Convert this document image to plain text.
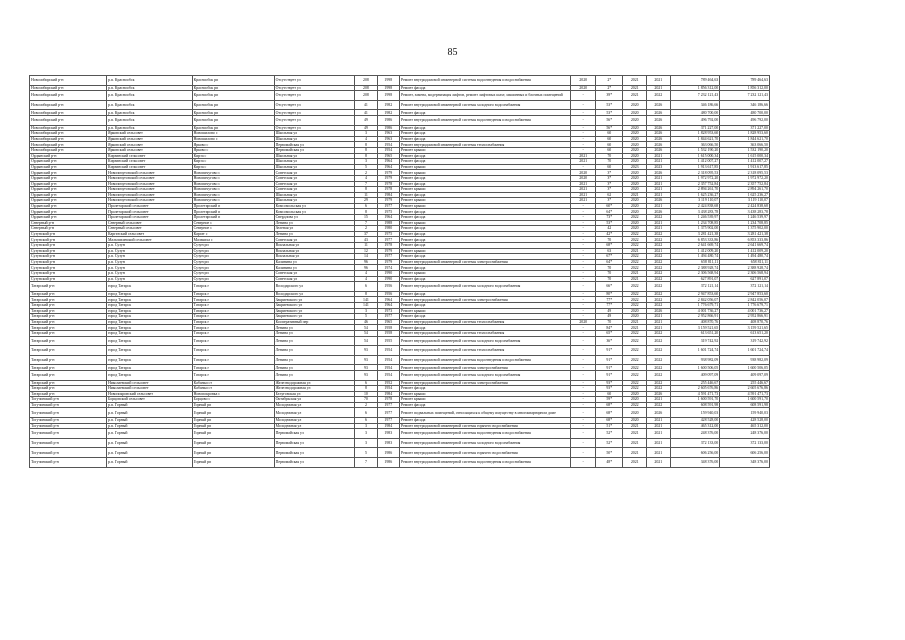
85
Новосибирский р-н	р.п. Краснообск	Краснообск рп	Отсутствует ул	208	1998	Ремонт внутридомовой инженерной системы водоотведения и водоснабжения	2020	2*	2021	2021	789 464,63	789 464,63
Новосибирский р-н	р.п. Краснообск	Краснообск рп	Отсутствует ул	208	1998	Ремонт фасада	2020	2*	2021	2021	1 856 312,00	1 856 312,00
Новосибирский р-н	р.п. Краснообск	Краснообск рп	Отсутствует ул	208	1998	Ремонт, замена, модернизация лифтов, ремонт лифтовых шахт, машинных и блочных помещений	-	39*	2021	2022	7 232 121,43	7 232 121,43
Новосибирский р-н	р.п. Краснообск	Краснообск рп	Отсутствует ул	41	1982	Ремонт внутридомовой инженерной системы холодного водоснабжения	-	53*	2020	2026	346 186,66	346 186,66
Новосибирский р-н	р.п. Краснообск	Краснообск рп	Отсутствует ул	41	1982	Ремонт фасада	-	53*	2020	2026	480 700,00	480 700,00
Новосибирский р-н	р.п. Краснообск	Краснообск рп	Отсутствует ул	49	1986	Ремонт внутридомовой инженерной системы водоотведения и водоснабжения	-	56*	2020	2026	496 792,00	496 792,00
Новосибирский р-н	р.п. Краснообск	Краснообск рп	Отсутствует ул	49	1986	Ремонт фасада	-	56*	2020	2026	371 227,00	371 227,00
Новосибирский р-н	Ярковский сельсовет	Новошилово с	Школьная ул	3	1963	Ремонт фасада	-	60	2020	2026	1 828 953,60	1 828 953,60
Новосибирский р-н	Ярковский сельсовет	Новошилово с	Школьная ул	4	1963	Ремонт фасада	-	60	2020	2026	1 844 621,70	1 844 621,70
Новосибирский р-н	Ярковский сельсовет	Ярково с	Первомайская ул	8	1954	Ремонт внутридомовой инженерной системы теплоснабжения	-	60	2020	2026	363 066,50	363 066,50
Новосибирский р-н	Ярковский сельсовет	Ярково с	Первомайская ул	8	1954	Ремонт крыши	-	60	2020	2026	1 532 190,20	1 532 190,20
Ордынский р-н	Кирзинский сельсовет	Кирза с	Школьная ул	8	1965	Ремонт фасада	2021	70	2020	2021	1 615 000,34	1 615 000,34
Ордынский р-н	Кирзинский сельсовет	Кирза с	Школьная ул	3	1964	Ремонт фасада	2021	70	2020	2021	1 412 007,27	1 412 007,27
Ордынский р-н	Кирзинский сельсовет	Кирза с	Школьная ул	5	1964	Ремонт крыши	-	60	2023	2023	1 913 617,85	1 913 617,85
Ордынский р-н	Новопичуговский сельсовет	Новопичугово с	Советская ул	2	1979	Ремонт крыши	2020	3*	2020	2026	2 318 095,53	2 318 095,53
Ордынский р-н	Новопичуговский сельсовет	Новопичугово с	Советская ул	4	1979	Ремонт фасада	2020	3*	2020	2021	1 972 972,20	1 972 972,20
Ордынский р-н	Новопичуговский сельсовет	Новопичугово с	Советская ул	7	1978	Ремонт фасада	2021	3*	2020	2021	2 357 752,84	2 357 752,84
Ордынский р-н	Новопичуговский сельсовет	Новопичугово с	Советская ул	8	1978	Ремонт крыши	2021	3*	2020	2021	2 894 261,70	2 894 261,70
Ордынский р-н	Новопичуговский сельсовет	Новопичугово с	Школьная ул	11	1984	Ремонт фасада	2021	62	2021	2021	1 625 236,27	1 625 236,27
Ордынский р-н	Новопичуговский сельсовет	Новопичугово с	Школьная ул	29	1979	Ремонт крыши	2021	3*	2020	2026	3 119 110,07	3 119 110,07
Ордынский р-н	Пролетарский сельсовет	Пролетарский п	Комсомольская ул	6	1977	Ремонт крыши	-	60*	2020	2021	2 424 838,68	2 424 838,68
Ордынский р-н	Пролетарский сельсовет	Пролетарский п	Комсомольская ул	8	1975	Ремонт фасада	-	64*	2020	2026	3 438 283,78	3 438 283,78
Ордынский р-н	Пролетарский сельсовет	Пролетарский п	Свердлова ул	15	1964	Ремонт фасада	-	73*	2022	2022	1 246 539,97	1 246 539,97
Северный р-н	Северный сельсовет	Северное с	Ленина ул	7	1988	Ремонт крыши	-	53*	2020	2021	1 234 708,85	1 234 708,85
Северный р-н	Северный сельсовет	Северное с	Зеленая ул	2	1980	Ремонт фасада	-	42	2020	2021	1 375 902,00	1 375 902,00
Сузунский р-н	Каргатский сельсовет	Каргат с	Ленина ул	37	1975	Ремонт фасада	-	42*	2022	2022	3 281 421,38	3 281 421,38
Сузунский р-н	Мальчихинский сельсовет	Мальчиха с	Советская ул	43	1977	Ремонт фасада	-	70	2022	2022	6 853 333,86	6 853 333,86
Сузунский р-н	р.п. Сузун	Сузун рп	Вокзальная ул	11	1978	Ремонт фасада	-	68*	2022	2022	2 641 669,74	2 641 669,74
Сузунский р-н	р.п. Сузун	Сузун рп	Вокзальная ул	12	1979	Ремонт крыши	-	63	2021	2021	1 412 009,20	1 412 009,20
Сузунский р-н	р.п. Сузун	Сузун рп	Вокзальная ул	14	1977	Ремонт фасада	-	67*	2022	2022	1 494 480,74	1 494 480,74
Сузунский р-н	р.п. Сузун	Сузун рп	Калинина ул	96	1979	Ремонт внутридомовой инженерной системы электроснабжения	-	64*	2022	2022	658 811,11	658 811,11
Сузунский р-н	р.п. Сузун	Сузун рп	Калинина ул	96	1974	Ремонт фасада	-	70	2022	2022	2 388 928,74	2 388 928,74
Сузунский р-н	р.п. Сузун	Сузун рп	Советская ул	4	1990	Ремонт крыши	-	70	2021	2022	2 306 568,94	2 306 568,94
Сузунский р-н	р.п. Сузун	Сузун рп	Советская ул	4	1990	Ремонт фасада	-	70	2021	2022	627 891,07	627 891,07
Татарский р-н	город Татарск	Татарск г	Володарского ул	6	1956	Ремонт внутридомовой инженерной системы холодного водоснабжения	-	66*	2022	2022	372 121,14	372 121,14
Татарский р-н	город Татарск	Татарск г	Володарского ул	8	1956	Ремонт фасада	-	80*	2022	2022	2 947 853,60	2 947 853,60
Татарский р-н	город Татарск	Татарск г	Закриевского ул	141	1964	Ремонт внутридомовой инженерной системы электроснабжения	-	77*	2022	2022	2 842 056,07	2 842 056,07
Татарский р-н	город Татарск	Татарск г	Закриевского ул	141	1964	Ремонт фасада	-	77*	2022	2022	1 776 679,71	1 776 679,71
Татарский р-н	город Татарск	Татарск г	Закриевского ул	3	1973	Ремонт крыши	-	49	2020	2026	4 001 736,27	4 001 736,27
Татарский р-н	город Татарск	Татарск г	Закриевского ул	5	1977	Ремонт фасада	-	49	2020	2021	2 952 866,91	2 952 866,91
Татарский р-н	город Татарск	Татарск г	Кооперативный пер	46	1965	Ремонт внутридомовой инженерной системы теплоснабжения	2020	70	2021	2021	408 870,76	408 870,76
Татарский р-н	город Татарск	Татарск г	Ленина ул	54	1958	Ремонт фасада	-	84*	2021	2021	3 159 521,65	3 159 521,65
Татарский р-н	город Татарск	Татарск г	Ленина ул	54	1958	Ремонт внутридомовой инженерной системы теплоснабжения	-	65*	2022	2022	613 651,20	613 651,20
Татарский р-н	город Татарск	Татарск г	Ленина ул	54	1955	Ремонт внутридомовой инженерной системы холодного водоснабжения	-	36*	2022	2022	319 742,92	319 742,92
Татарский р-н	город Татарск	Татарск г	Ленина ул	93	1954	Ремонт внутридомовой инженерной системы теплоснабжения	-	91*	2022	2022	1 601 724,74	1 601 724,74
Татарский р-н	город Татарск	Татарск г	Ленина ул	93	1954	Ремонт внутридомовой инженерной системы водоотведения и водоснабжения	-	91*	2022	2022	938 982,09	938 982,09
Татарский р-н	город Татарск	Татарск г	Ленина ул	93	1954	Ремонт внутридомовой инженерной системы электроснабжения	-	91*	2022	2022	1 600 506,05	1 600 506,05
Татарский р-н	город Татарск	Татарск г	Ленина ул	93	1954	Ремонт внутридомовой инженерной системы холодного водоснабжения	-	91*	2022	2022	409 097,09	409 097,09
Татарский р-н	Николаевский сельсовет	Кабаньи ст	Железнодорожная ул	6	1952	Ремонт внутридомовой инженерной системы электроснабжения	-	93*	2022	2022	255 446,67	255 446,67
Татарский р-н	Николаевский сельсовет	Кабаньи ст	Железнодорожная ул	8	1954	Ремонт фасада	-	93*	2022	2022	2 605 676,86	2 605 676,86
Татарский р-н	Новопокровский сельсовет	Новопокровка с	Белуговская ул	10	1984	Ремонт крыши	-	60	2020	2026	4 591 471,73	4 591 471,73
Тогучинский р-н	Борцовский сельсовет	Борцово с	Октябрьская ул	70	1978	Ремонт крыши	-	59*	2020	2021	1 600 591,70	1 600 591,70
Тогучинский р-н	р.п. Горный	Горный рп	Молодежная ул	2	1977	Ремонт фасада	-	68*	2022	2022	608 591,98	608 591,98
Тогучинский р-н	р.п. Горный	Горный рп	Молодежная ул	6	1977	Ремонт подвальных помещений, относящихся к общему имуществу в многоквартирном доме	-	68*	2020	2026	159 940,03	159 940,03
Тогучинский р-н	р.п. Горный	Горный рп	Молодежная ул	6	1977	Ремонт фасада	-	68*	2020	2021	428 528,00	428 528,00
Тогучинский р-н	р.п. Горный	Горный рп	Молодежная ул	3	1984	Ремонт внутридомовой инженерной системы горячего водоснабжения	-	51*	2021	2021	465 312,00	465 312,00
Тогучинский р-н	р.п. Горный	Горный рп	Первомайская ул	3	1983	Ремонт внутридомовой инженерной системы водоотведения и водоснабжения	-	52*	2021	2021	248 376,00	248 376,00
Тогучинский р-н	р.п. Горный	Горный рп	Первомайская ул	3	1983	Ремонт внутридомовой инженерной системы холодного водоснабжения	-	52*	2021	2021	372 133,00	372 133,00
Тогучинский р-н	р.п. Горный	Горный рп	Первомайская ул	5	1986	Ремонт внутридомовой инженерной системы горячего водоснабжения	-	50*	2021	2021	606 256,00	606 256,00
Тогучинский р-н	р.п. Горный	Горный рп	Первомайская ул	7	1986	Ремонт внутридомовой инженерной системы водоотведения и водоснабжения	-	48*	2021	2021	348 376,00	348 376,00
